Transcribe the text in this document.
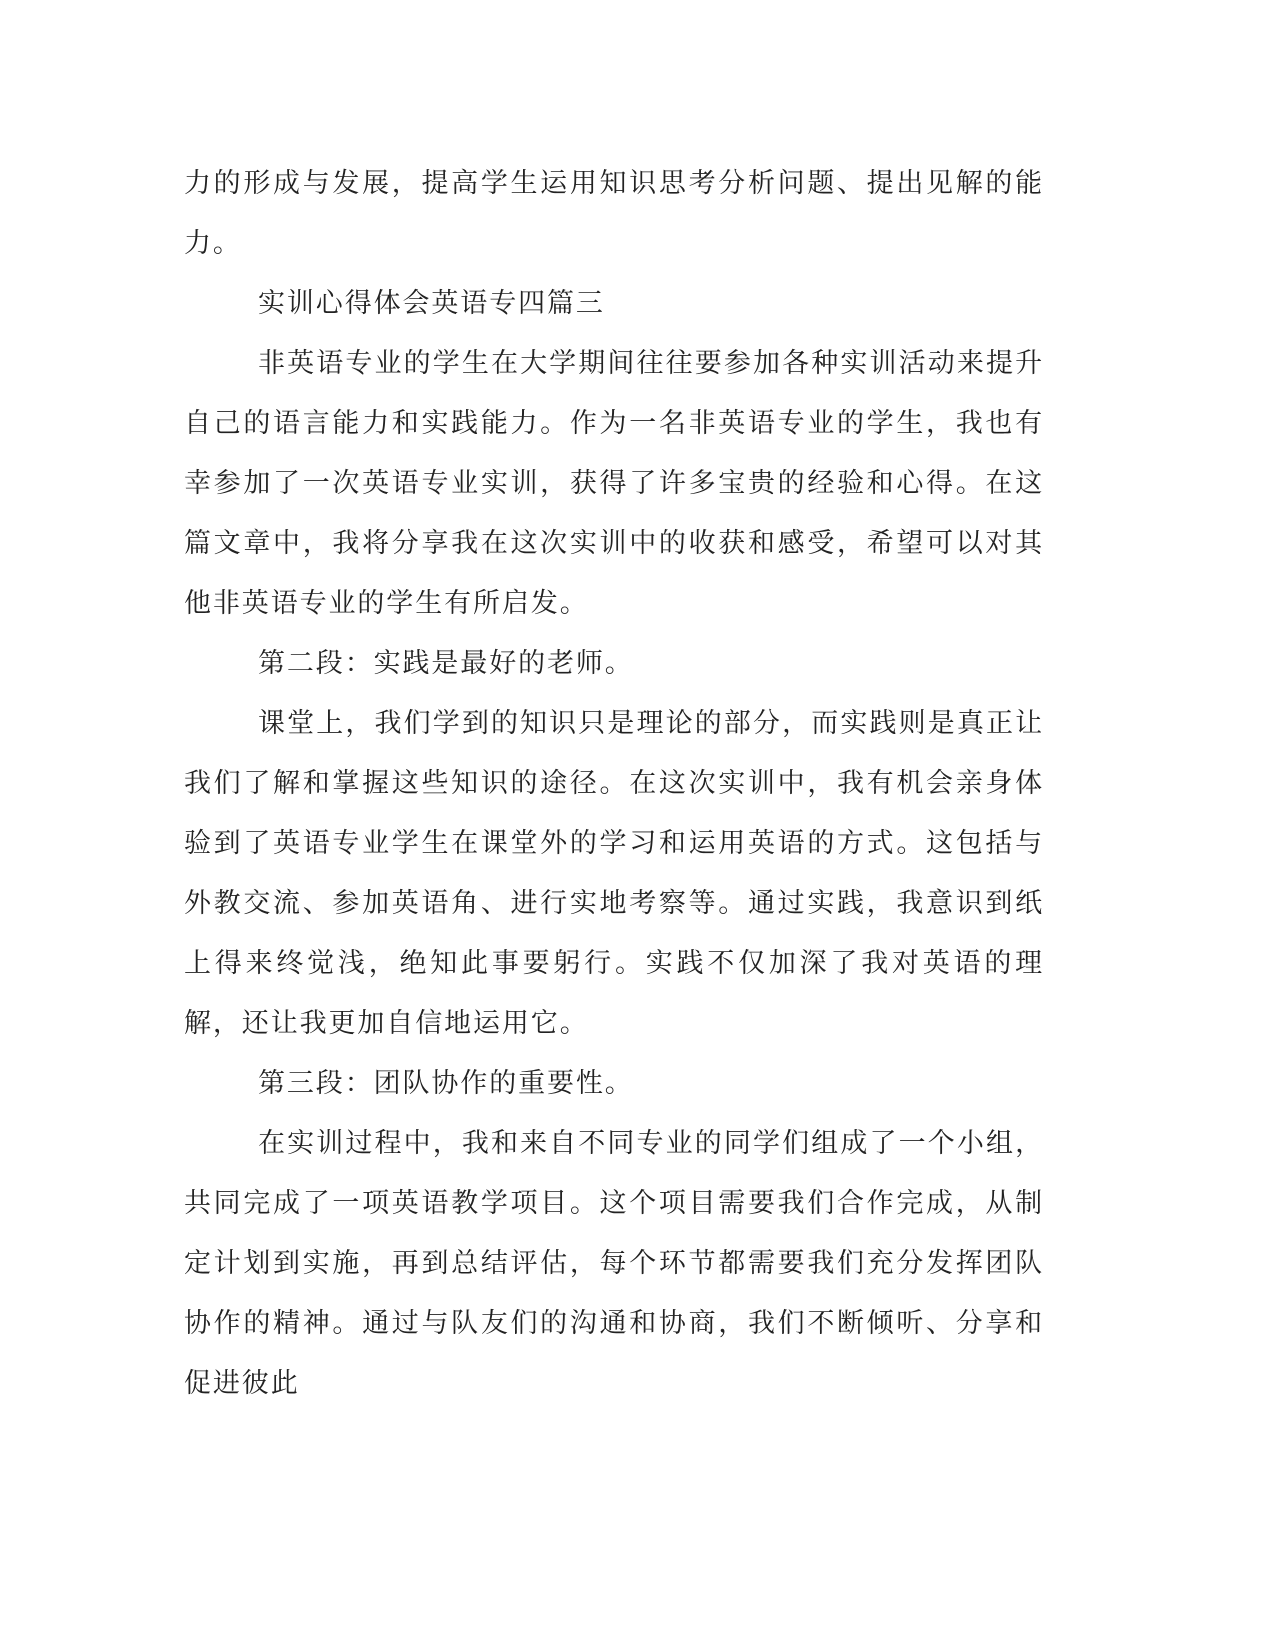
力的形成与发展，提高学生运用知识思考分析问题、提出见解的能力。

实训心得体会英语专四篇三

非英语专业的学生在大学期间往往要参加各种实训活动来提升自己的语言能力和实践能力。作为一名非英语专业的学生，我也有幸参加了一次英语专业实训，获得了许多宝贵的经验和心得。在这篇文章中，我将分享我在这次实训中的收获和感受，希望可以对其他非英语专业的学生有所启发。

第二段：实践是最好的老师。

课堂上，我们学到的知识只是理论的部分，而实践则是真正让我们了解和掌握这些知识的途径。在这次实训中，我有机会亲身体验到了英语专业学生在课堂外的学习和运用英语的方式。这包括与外教交流、参加英语角、进行实地考察等。通过实践，我意识到纸上得来终觉浅，绝知此事要躬行。实践不仅加深了我对英语的理解，还让我更加自信地运用它。

第三段：团队协作的重要性。

在实训过程中，我和来自不同专业的同学们组成了一个小组，共同完成了一项英语教学项目。这个项目需要我们合作完成，从制定计划到实施，再到总结评估，每个环节都需要我们充分发挥团队协作的精神。通过与队友们的沟通和协商，我们不断倾听、分享和促进彼此
